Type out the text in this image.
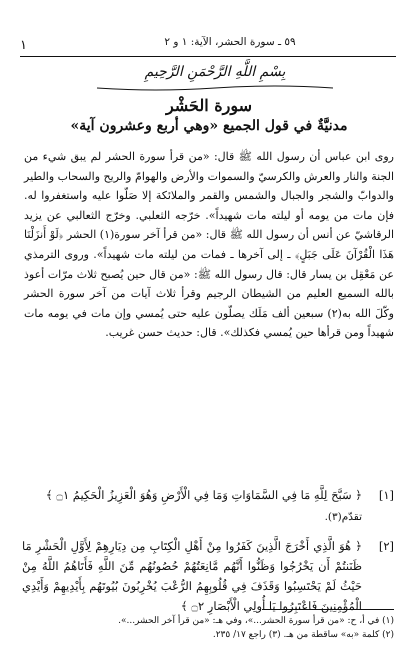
١	٥٩ ـ سورة الحشر، الآية: ١ و ٢
بِسْمِ اللَّهِ الرَّحْمَنِ الرَّحِيمِ
سورة الحَشْر
مدنيَّةٌ في قول الجميع «وهي أربع وعشرون آية»

روى ابن عباس أن رسول الله ﷺ قال: «من قرأ سورة الحشر لم يبق شيء من الجنة والنار والعرش والكرسيّ والسموات والأرض والهوامّ والريح والسحاب والطير والدوابّ والشجر والجبال والشمس والقمر والملائكة إلا صَلّوا عليه واستغفروا له. فإن مات من يومه أو ليلته مات شهيداً». خرّجه الثعلبي. وخرّج الثعالبي عن يزيد الرقاشيّ عن أنس أن رسول الله ﷺ قال: «من قرأ آخر سورة(١) الحشر ﴿لَوْ أَنزَلْنَا هَذَا الْقُرْآنَ عَلَى جَبَلٍ﴾ ـ إلى آخرها ـ فمات من ليلته مات شهيداً». وروى الترمذي عن مَعْقِل بن يسار قال: قال رسول الله ﷺ: «من قال حين يُصبح ثلاث مرّات أعوذ بالله السميع العليم من الشيطان الرجيم وقرأ ثلاث آيات من آخر سورة الحشر وكّلَ الله به(٢) سبعين ألف مَلَك يصلّون عليه حتى يُمسي وإن مات في يومه مات شهيداً ومن قرأها حين يُمسي فكذلك». قال: حديث حسن غريب.

[١]
﴿ سَبَّحَ لِلَّهِ مَا فِي السَّمَاوَاتِ وَمَا فِي الْأَرْضِ وَهُوَ الْعَزِيزُ الْحَكِيمُ ۝١ ﴾
تقدّم(٣).
[٢]
﴿ هُوَ الَّذِي أَخْرَجَ الَّذِينَ كَفَرُوا مِنْ أَهْلِ الْكِتَابِ مِن دِيَارِهِمْ لِأَوَّلِ الْحَشْرِ مَا ظَنَنتُمْ أَن يَخْرُجُوا وَظَنُّوا أَنَّهُم مَّانِعَتُهُمْ حُصُونُهُم مِّنَ اللَّهِ فَأَتَاهُمُ اللَّهُ مِنْ حَيْثُ لَمْ يَحْتَسِبُوا وَقَذَفَ فِي قُلُوبِهِمُ الرُّعْبَ يُخْرِبُونَ بُيُوتَهُم بِأَيْدِيهِمْ وَأَيْدِي الْمُؤْمِنِينَ فَاعْتَبِرُوا يَا أُولِي الْأَبْصَارِ ۝٢ ﴾

(١) في أ، ح: «من قرأ سورة الحشر...»، وفي هـ: «من قرأ آخر الحشر...».

(٢) كلمة «به» ساقطة من هـ. (٣) راجع ١٧/ ٢٣٥.
